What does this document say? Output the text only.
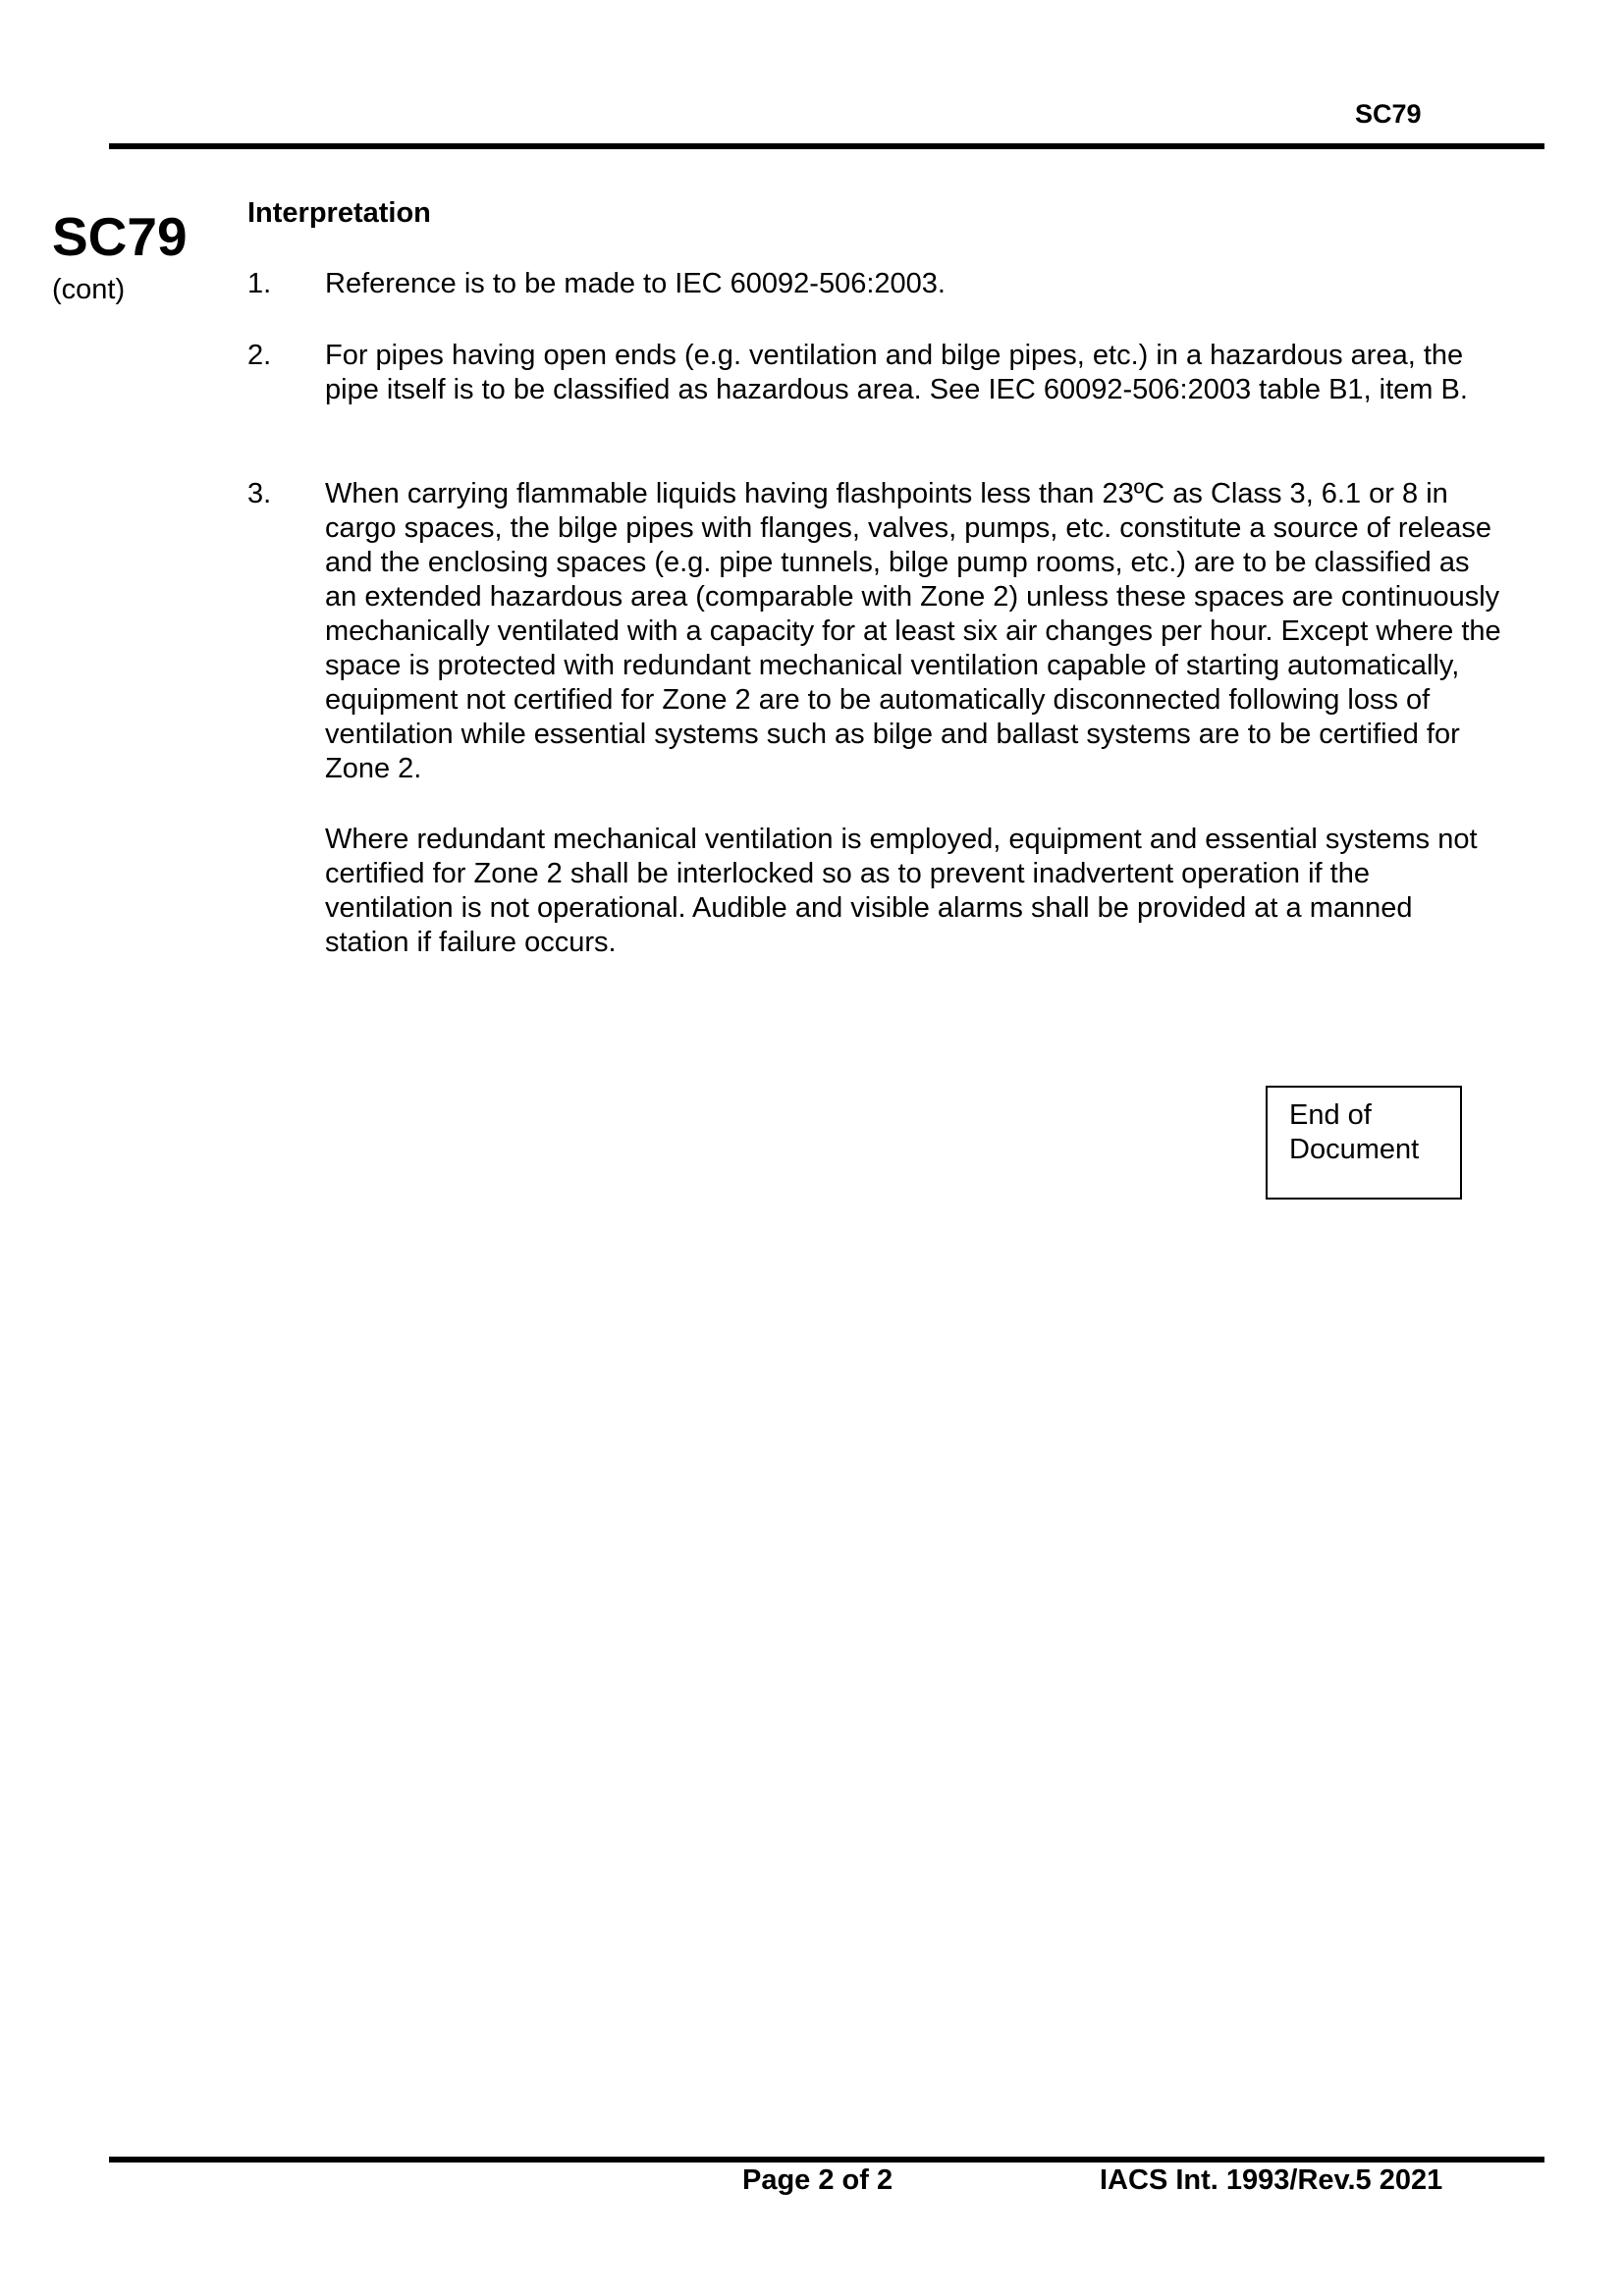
SC79
SC79
(cont)
Interpretation
1. Reference is to be made to IEC 60092-506:2003.
2. For pipes having open ends (e.g. ventilation and bilge pipes, etc.) in a hazardous area, the pipe itself is to be classified as hazardous area. See IEC 60092-506:2003 table B1, item B.
3. When carrying flammable liquids having flashpoints less than 23ºC as Class 3, 6.1 or 8 in cargo spaces, the bilge pipes with flanges, valves, pumps, etc. constitute a source of release and the enclosing spaces (e.g. pipe tunnels, bilge pump rooms, etc.) are to be classified as an extended hazardous area (comparable with Zone 2) unless these spaces are continuously mechanically ventilated with a capacity for at least six air changes per hour. Except where the space is protected with redundant mechanical ventilation capable of starting automatically, equipment not certified for Zone 2 are to be automatically disconnected following loss of ventilation while essential systems such as bilge and ballast systems are to be certified for Zone 2.
Where redundant mechanical ventilation is employed, equipment and essential systems not certified for Zone 2 shall be interlocked so as to prevent inadvertent operation if the ventilation is not operational. Audible and visible alarms shall be provided at a manned station if failure occurs.
End of
Document
Page 2 of 2	IACS Int. 1993/Rev.5 2021
